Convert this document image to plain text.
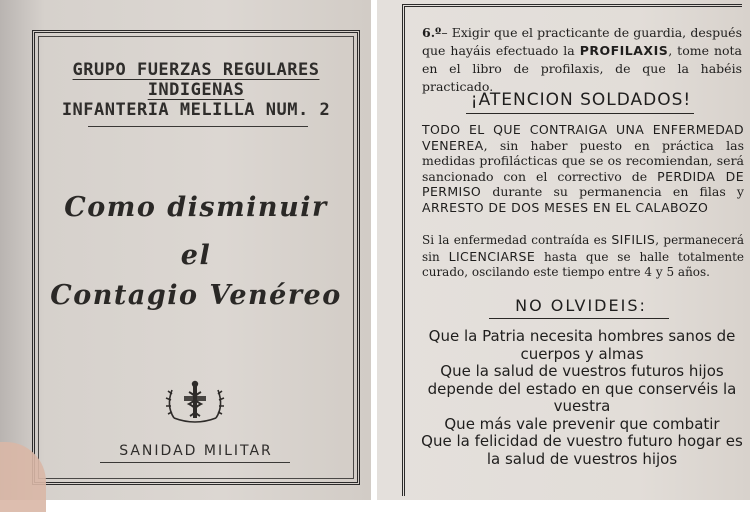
GRUPO FUERZAS REGULARES INDIGENAS
INFANTERIA MELILLA NUM. 2
Como disminuir
el
Contagio Venéreo
SANIDAD MILITAR
6.º– Exigir que el practicante de guardia, después que hayáis efectuado la PROFILAXIS, tome nota en el libro de profilaxis, de que la habéis practicado.
¡ATENCION SOLDADOS!
TODO EL QUE CONTRAIGA UNA ENFERMEDAD VENEREA, sin haber puesto en práctica las medidas profilácticas que se os recomiendan, será sancionado con el correctivo de PERDIDA DE PERMISO durante su permanencia en filas y ARRESTO DE DOS MESES EN EL CALABOZO
Si la enfermedad contraída es SIFILIS, permanecerá sin LICENCIARSE hasta que se halle totalmente curado, oscilando este tiempo entre 4 y 5 años.
NO OLVIDEIS:
Que la Patria necesita hombres sanos de cuerpos y almas
Que la salud de vuestros futuros hijos depende del estado en que conservéis la vuestra
Que más vale prevenir que combatir
Que la felicidad de vuestro futuro hogar es la salud de vuestros hijos
